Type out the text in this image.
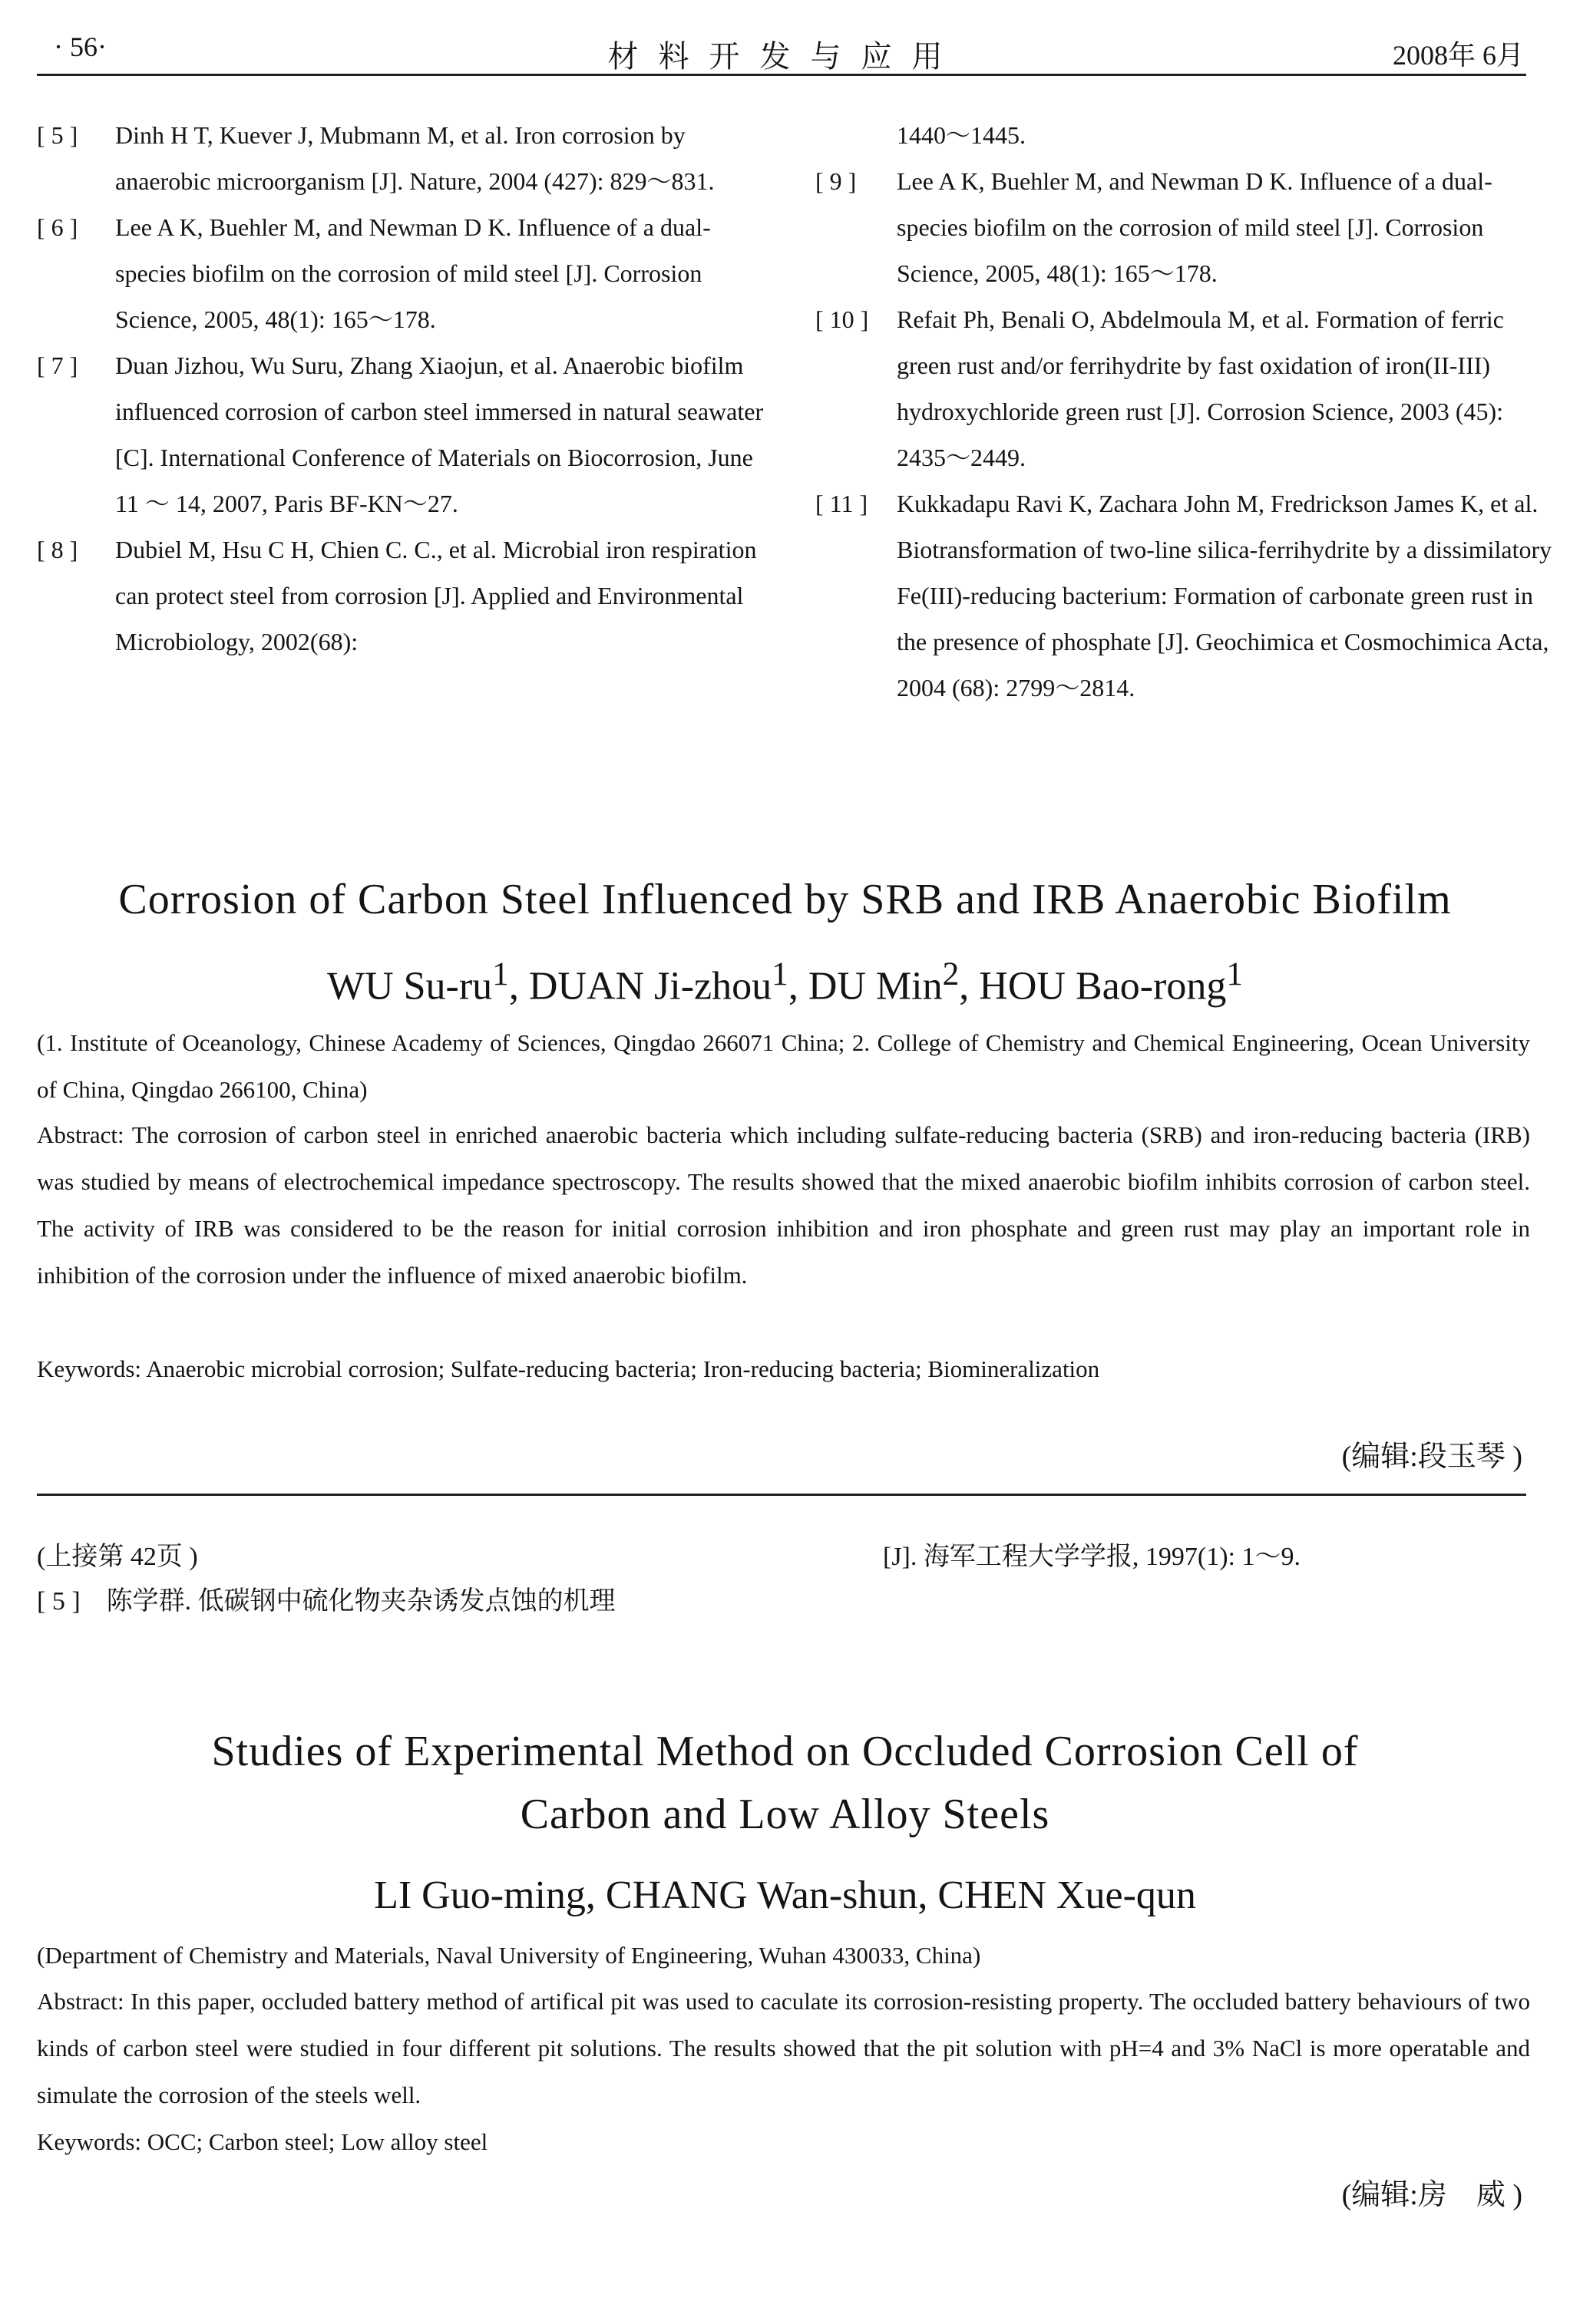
· 56·	材料开发与应用	2008年 6月
[ 5 ] Dinh H T, Kuever J, Mubmann M, et al. Iron corrosion by anaerobic microorganism [J]. Nature, 2004 (427): 829～831.
[ 6 ] Lee A K, Buehler M, and Newman D K. Influence of a dual-species biofilm on the corrosion of mild steel [J]. Corrosion Science, 2005, 48(1): 165～178.
[ 7 ] Duan Jizhou, Wu Suru, Zhang Xiaojun, et al. Anaerobic biofilm influenced corrosion of carbon steel immersed in natural seawater [C]. International Conference of Materials on Biocorrosion, June 11 ～ 14, 2007, Paris BF-KN～27.
[ 8 ] Dubiel M, Hsu C H, Chien C. C., et al. Microbial iron respiration can protect steel from corrosion [J]. Applied and Environmental Microbiology, 2002(68):
1440～1445.
[ 9 ] Lee A K, Buehler M, and Newman D K. Influence of a dual-species biofilm on the corrosion of mild steel [J]. Corrosion Science, 2005, 48(1): 165～178.
[ 10 ] Refait Ph, Benali O, Abdelmoula M, et al. Formation of ferric green rust and/or ferrihydrite by fast oxidation of iron(II-III) hydroxychloride green rust [J]. Corrosion Science, 2003 (45): 2435～2449.
[ 11 ] Kukkadapu Ravi K, Zachara John M, Fredrickson James K, et al. Biotransformation of two-line silica-ferrihydrite by a dissimilatory Fe(III)-reducing bacterium: Formation of carbonate green rust in the presence of phosphate [J]. Geochimica et Cosmochimica Acta, 2004 (68): 2799～2814.
Corrosion of Carbon Steel Influenced by SRB and IRB Anaerobic Biofilm
WU $Su-ru^1$, DUAN Ji-zhou$^1$, DU Min$^2$, HOU Bao-rong$^1$
(1. Institute of Oceanology, Chinese Academy of Sciences, Qingdao 266071 China; 2. College of Chemistry and Chemical Engineering, Ocean University of China, Qingdao 266100, China)
Abstract: The corrosion of carbon steel in enriched anaerobic bacteria which including sulfate-reducing bacteria (SRB) and iron-reducing bacteria (IRB) was studied by means of electrochemical impedance spectroscopy. The results showed that the mixed anaerobic biofilm inhibits corrosion of carbon steel. The activity of IRB was considered to be the reason for initial corrosion inhibition and iron phosphate and green rust may play an important role in inhibition of the corrosion under the influence of mixed anaerobic biofilm.
Keywords: Anaerobic microbial corrosion; Sulfate-reducing bacteria; Iron-reducing bacteria; Biomineralization
(编辑:段玉琴 )
(上接第 42页 )
[ 5 ]　陈学群. 低碳钢中硫化物夹杂诱发点蚀的机理
[J]. 海军工程大学学报, 1997(1): 1～9.
Studies of Experimental Method on Occluded Corrosion Cell of
Carbon and Low Alloy Steels
LI Guo-ming, CHANG Wan-shun, CHEN Xue-qun
(Department of Chemistry and Materials, Naval University of Engineering, Wuhan 430033, China)
Abstract: In this paper, occluded battery method of artifical pit was used to caculate its corrosion-resisting property. The occluded battery behaviours of two kinds of carbon steel were studied in four different pit solutions. The results showed that the pit solution with pH=4 and 3% NaCl is more operatable and simulate the corrosion of the steels well.
Keywords: OCC; Carbon steel; Low alloy steel
(编辑:房　威 )
